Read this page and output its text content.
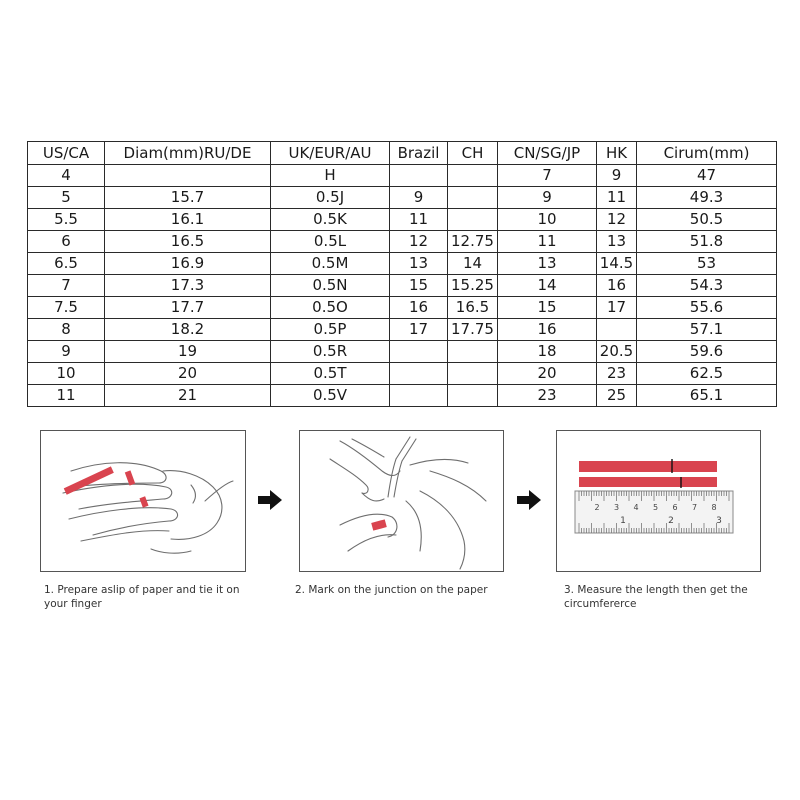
US/CA	Diam(mm)RU/DE	UK/EUR/AU	Brazil	CH	CN/SG/JP	HK	Cirum(mm)
4		H			7	9	47
5	15.7	0.5J	9		9	11	49.3
5.5	16.1	0.5K	11		10	12	50.5
6	16.5	0.5L	12	12.75	11	13	51.8
6.5	16.9	0.5M	13	14	13	14.5	53
7	17.3	0.5N	15	15.25	14	16	54.3
7.5	17.7	0.5O	16	16.5	15	17	55.6
8	18.2	0.5P	17	17.75	16		57.1
9	19	0.5R			18	20.5	59.6
10	20	0.5T			20	23	62.5
11	21	0.5V			23	25	65.1
2 3 4 5 6 7 8
1	2	3
1. Prepare aslip of paper and tie it on your finger
2. Mark on the junction on the paper	3. Measure the length then get the circumfererce
